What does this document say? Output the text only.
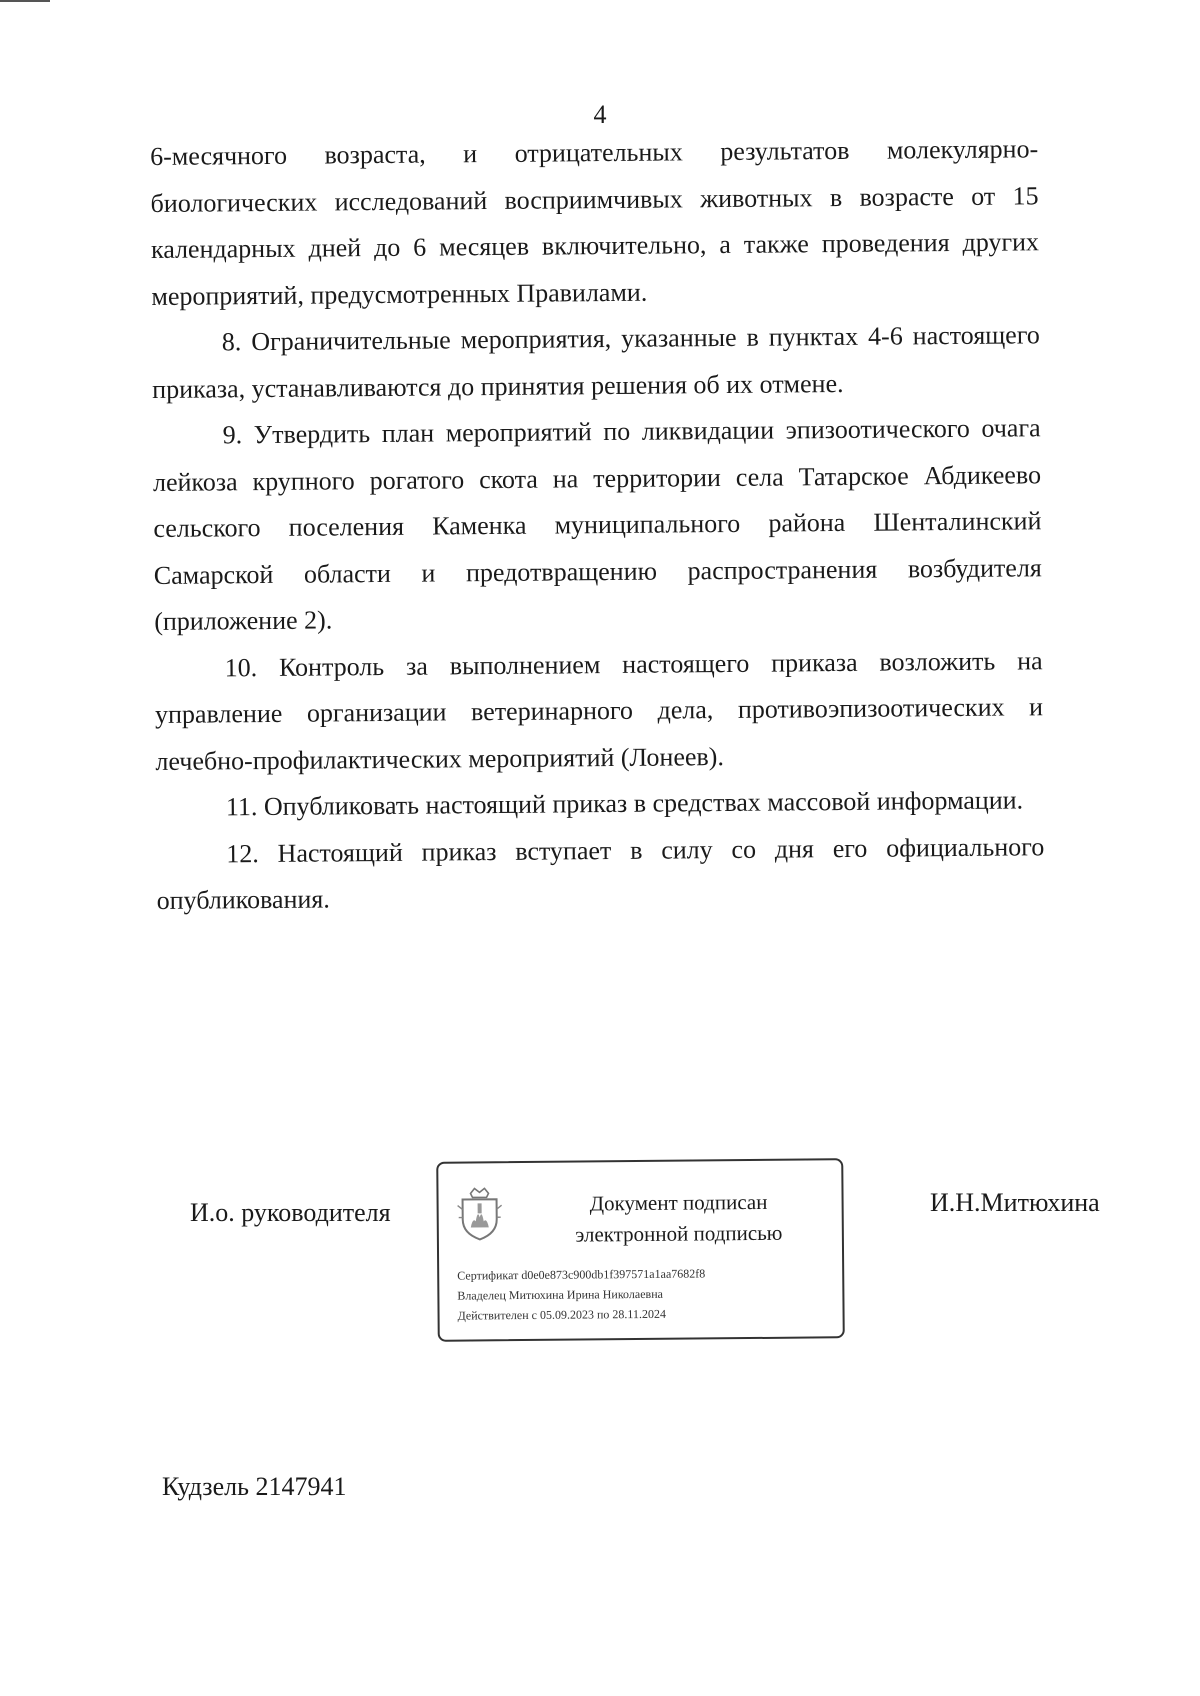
4

6-месячного возраста, и отрицательных результатов молекулярно-биологических исследований восприимчивых животных в возрасте от 15 календарных дней до 6 месяцев включительно, а также проведения других мероприятий, предусмотренных Правилами.

8. Ограничительные мероприятия, указанные в пунктах 4-6 настоящего приказа, устанавливаются до принятия решения об их отмене.

9. Утвердить план мероприятий по ликвидации эпизоотического очага лейкоза крупного рогатого скота на территории села Татарское Абдикеево сельского поселения Каменка муниципального района Шенталинский Самарской области и предотвращению распространения возбудителя (приложение 2).

10. Контроль за выполнением настоящего приказа возложить на управление организации ветеринарного дела, противоэпизоотических и лечебно-профилактических мероприятий (Лонеев).

11. Опубликовать настоящий приказ в средствах массовой информации.

12. Настоящий приказ вступает в силу со дня его официального опубликования.

И.о. руководителя	Документ подписан
электронной подписью
Сертификат d0e0e873c900db1f397571a1aa7682f8
Владелец Митюхина Ирина Николаевна
Действителен с 05.09.2023 по 28.11.2024
И.Н.Митюхина
Кудзель 2147941
